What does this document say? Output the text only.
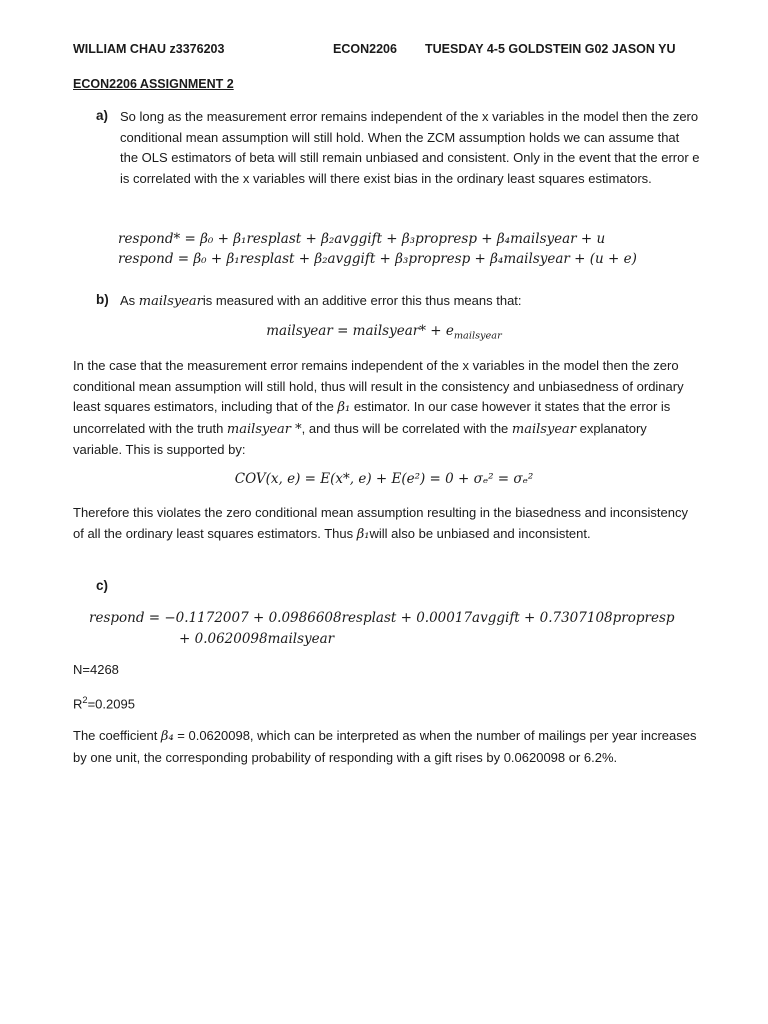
WILLIAM CHAU z3376203	ECON2206 TUESDAY 4-5 GOLDSTEIN G02 JASON YU
ECON2206 ASSIGNMENT 2
a) So long as the measurement error remains independent of the x variables in the model then the zero conditional mean assumption will still hold. When the ZCM assumption holds we can assume that the OLS estimators of beta will still remain unbiased and consistent. Only in the event that the error e is correlated with the x variables will there exist bias in the ordinary least squares estimators.

respond* = β₀ + β₁resplast + β₂avggift + β₃propresp + β₄mailsyear + u
respond = β₀ + β₁resplast + β₂avggift + β₃propresp + β₄mailsyear + (u + e)
b) As mailsyearis measured with an additive error this thus means that:
mailsyear = mailsyear* + $e_{mailsyear}$

In the case that the measurement error remains independent of the x variables in the model then the zero conditional mean assumption will still hold, thus will result in the consistency and unbiasedness of ordinary least squares estimators, including that of the β₁ estimator. In our case however it states that the error is uncorrelated with the truth mailsyear *, and thus will be correlated with the mailsyear explanatory variable. This is supported by:

COV(x, e) = E(x*, e) + E(e²) = 0 + σₑ² = σₑ²

Therefore this violates the zero conditional mean assumption resulting in the biasedness and inconsistency of all the ordinary least squares estimators. Thus β₁will also be unbiased and inconsistent.

c)
respond = −0.1172007 + 0.0986608resplast + 0.00017avggift + 0.7307108propresp
+ 0.0620098mailsyear
N=4268
$R^2=0.2095$

The coefficient β₄ = 0.0620098, which can be interpreted as when the number of mailings per year increases by one unit, the corresponding probability of responding with a gift rises by 0.0620098 or 6.2%.
